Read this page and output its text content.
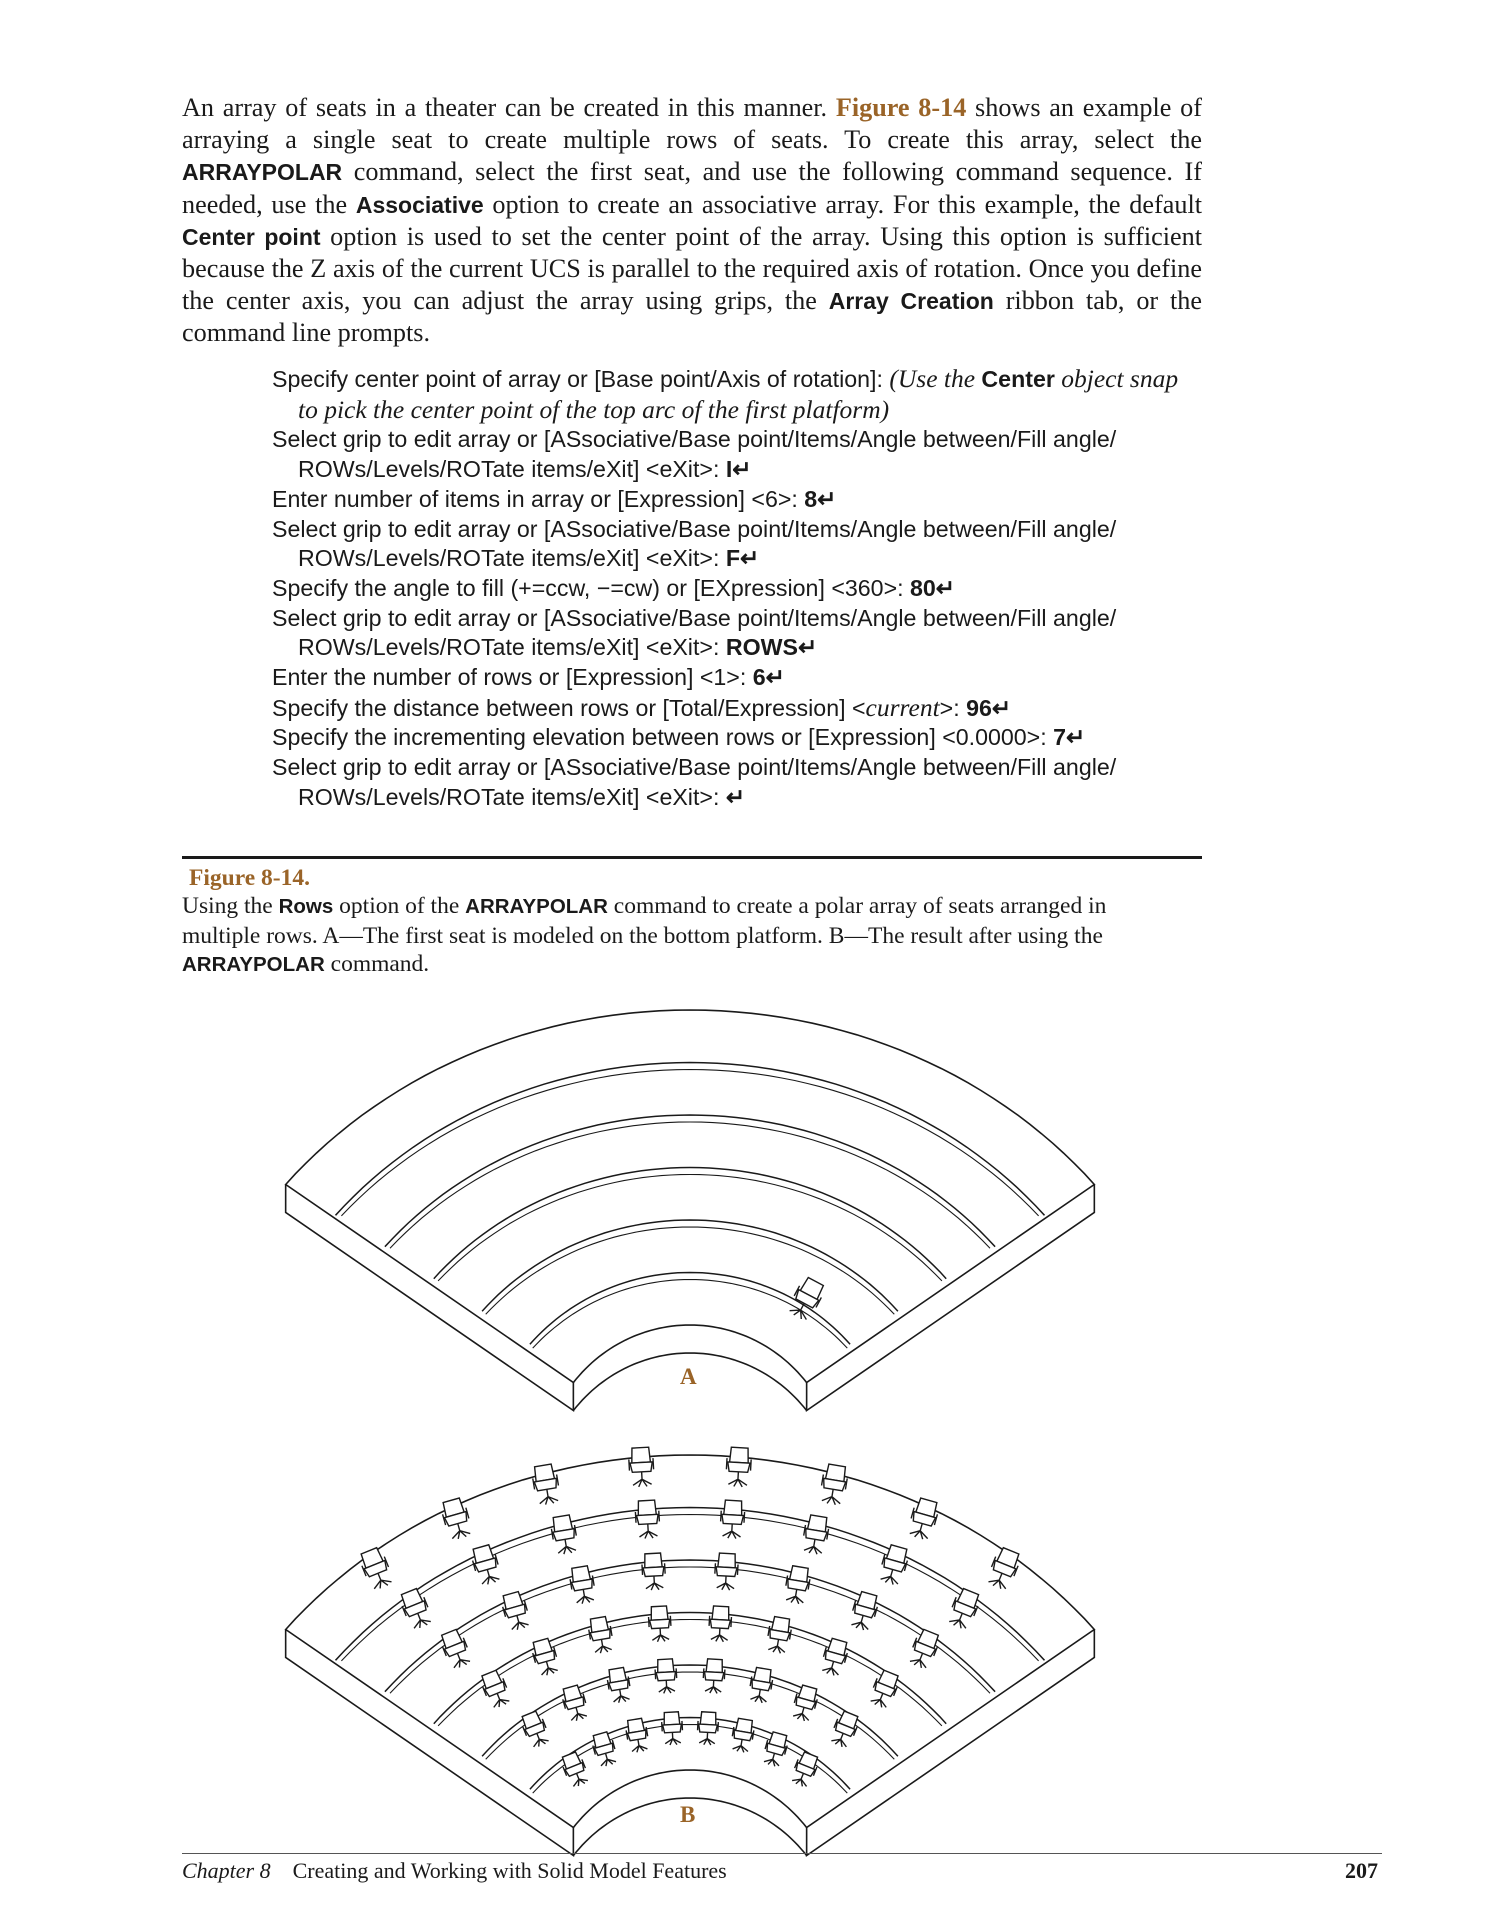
An array of seats in a theater can be created in this manner. Figure 8-14 shows an example of arraying a single seat to create multiple rows of seats. To create this array, select the ARRAYPOLAR command, select the first seat, and use the following command sequence. If needed, use the Associative option to create an associative array. For this example, the default Center point option is used to set the center point of the array. Using this option is sufficient because the Z axis of the current UCS is parallel to the required axis of rotation. Once you define the center axis, you can adjust the array using grips, the Array Creation ribbon tab, or the command line prompts.

Specify center point of array or [Base point/Axis of rotation]: (Use the Center object snap to pick the center point of the top arc of the first platform)
Select grip to edit array or [ASsociative/Base point/Items/Angle between/Fill angle/ ROWs/Levels/ROTate items/eXit] <eXit>: I↵
Enter number of items in array or [Expression] <6>: 8↵
Select grip to edit array or [ASsociative/Base point/Items/Angle between/Fill angle/ ROWs/Levels/ROTate items/eXit] <eXit>: F↵
Specify the angle to fill (+=ccw, −=cw) or [EXpression] <360>: 80↵
Select grip to edit array or [ASsociative/Base point/Items/Angle between/Fill angle/ ROWs/Levels/ROTate items/eXit] <eXit>: ROWS↵
Enter the number of rows or [Expression] <1>: 6↵
Specify the distance between rows or [Total/Expression] <current>: 96↵
Specify the incrementing elevation between rows or [Expression] <0.0000>: 7↵
Select grip to edit array or [ASsociative/Base point/Items/Angle between/Fill angle/ ROWs/Levels/ROTate items/eXit] <eXit>: ↵
Figure 8-14.
Using the Rows option of the ARRAYPOLAR command to create a polar array of seats arranged in multiple rows. A—The first seat is modeled on the bottom platform. B—The result after using the ARRAYPOLAR command.
A
B
Chapter 8 Creating and Working with Solid Model Features	207
